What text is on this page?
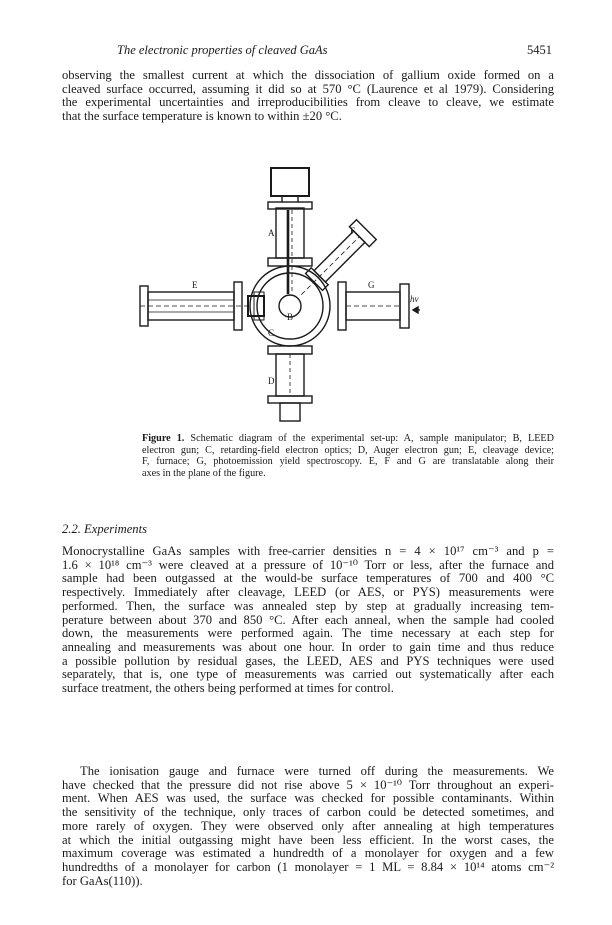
The electronic properties of cleaved GaAs	5451

observing the smallest current at which the dissociation of gallium oxide formed on a
cleaved surface occurred, assuming it did so at 570 °C (Laurence et al 1979). Considering
the experimental uncertainties and irreproducibilities from cleave to cleave, we estimate
that the surface temperature is known to within ±20 °C.

A
B
C
D
E
F
G
hν

Figure 1. Schematic diagram of the experimental set-up: A, sample manipulator; B, LEED
electron gun; C, retarding-field electron optics; D, Auger electron gun; E, cleavage device;
F, furnace; G, photoemission yield spectroscopy. E, F and G are translatable along their
axes in the plane of the figure.

2.2. Experiments

Monocrystalline GaAs samples with free-carrier densities n = 4 × 10¹⁷ cm⁻³ and p =
1.6 × 10¹⁸ cm⁻³ were cleaved at a pressure of 10⁻¹⁰ Torr or less, after the furnace and
sample had been outgassed at the would-be surface temperatures of 700 and 400 °C
respectively. Immediately after cleavage, LEED (or AES, or PYS) measurements were
performed. Then, the surface was annealed step by step at gradually increasing tem-
perature between about 370 and 850 °C. After each anneal, when the sample had cooled
down, the measurements were performed again. The time necessary at each step for
annealing and measurements was about one hour. In order to gain time and thus reduce
a possible pollution by residual gases, the LEED, AES and PYS techniques were used
separately, that is, one type of measurements was carried out systematically after each
surface treatment, the others being performed at times for control.

The ionisation gauge and furnace were turned off during the measurements. We
have checked that the pressure did not rise above 5 × 10⁻¹⁰ Torr throughout an experi-
ment. When AES was used, the surface was checked for possible contaminants. Within
the sensitivity of the technique, only traces of carbon could be detected sometimes, and
more rarely of oxygen. They were observed only after annealing at high temperatures
at which the initial outgassing might have been less efficient. In the worst cases, the
maximum coverage was estimated a hundredth of a monolayer for oxygen and a few
hundredths of a monolayer for carbon (1 monolayer = 1 ML = 8.84 × 10¹⁴ atoms cm⁻²
for GaAs(110)).
